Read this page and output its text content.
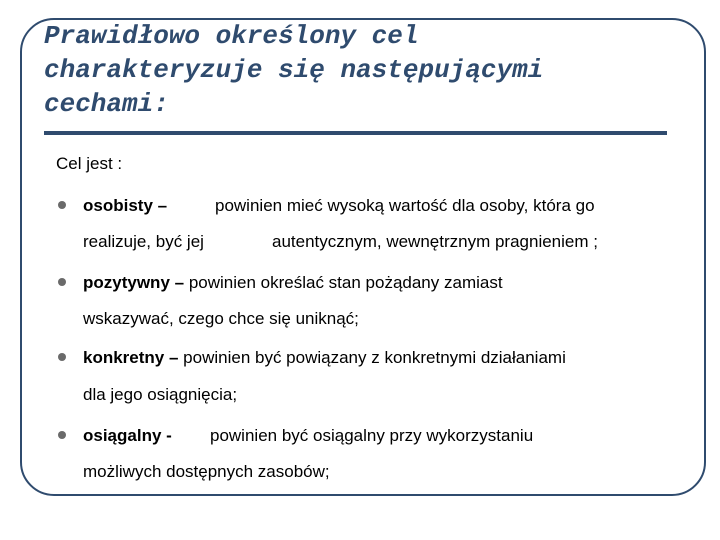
Prawidłowo określony cel
charakteryzuje się następującymi
cechami:
Cel jest :
osobisty –	powinien mieć wysoką wartość dla osoby, która go
realizuje, być jej	autentycznym, wewnętrznym pragnieniem ;
pozytywny – powinien określać stan pożądany zamiast
wskazywać, czego chce się uniknąć;
konkretny – powinien być powiązany z konkretnymi działaniami
dla jego osiągnięcia;
osiągalny - powinien być osiągalny przy wykorzystaniu
możliwych dostępnych zasobów;
